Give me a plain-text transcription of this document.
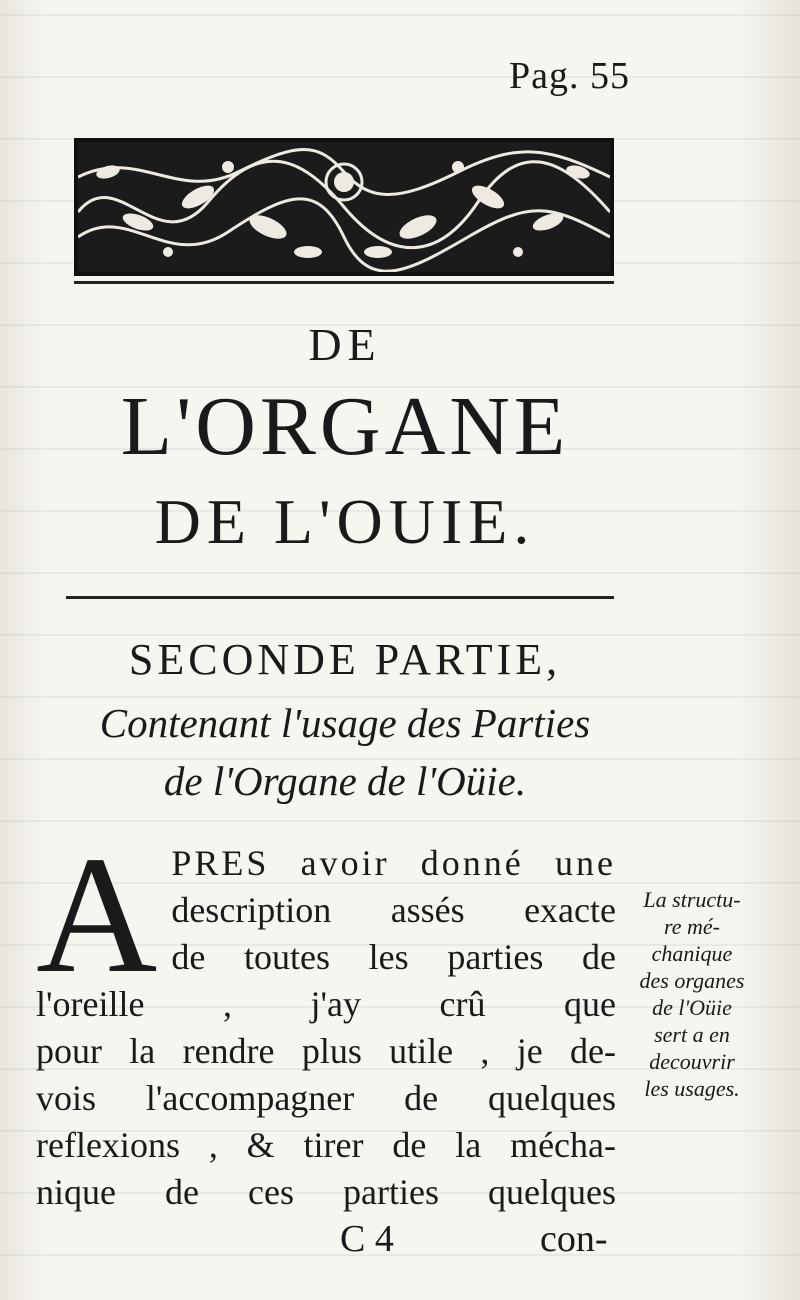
Pag. 55
DE
L'ORGANE
DE L'OUIE.
SECONDE PARTIE,
Contenant l'usage des Parties
de l'Organe de l'Oüie.
A PRES avoir donné une
description assés exacte
de toutes les parties de
l'oreille , j'ay crû que
pour la rendre plus utile , je de-
vois l'accompagner de quelques
reflexions , & tirer de la mécha-
nique de ces parties quelques
La structu-
re mé-
chanique
des organes
de l'Oüie
sert a en
decouvrir
les usages.
C 4	con-
